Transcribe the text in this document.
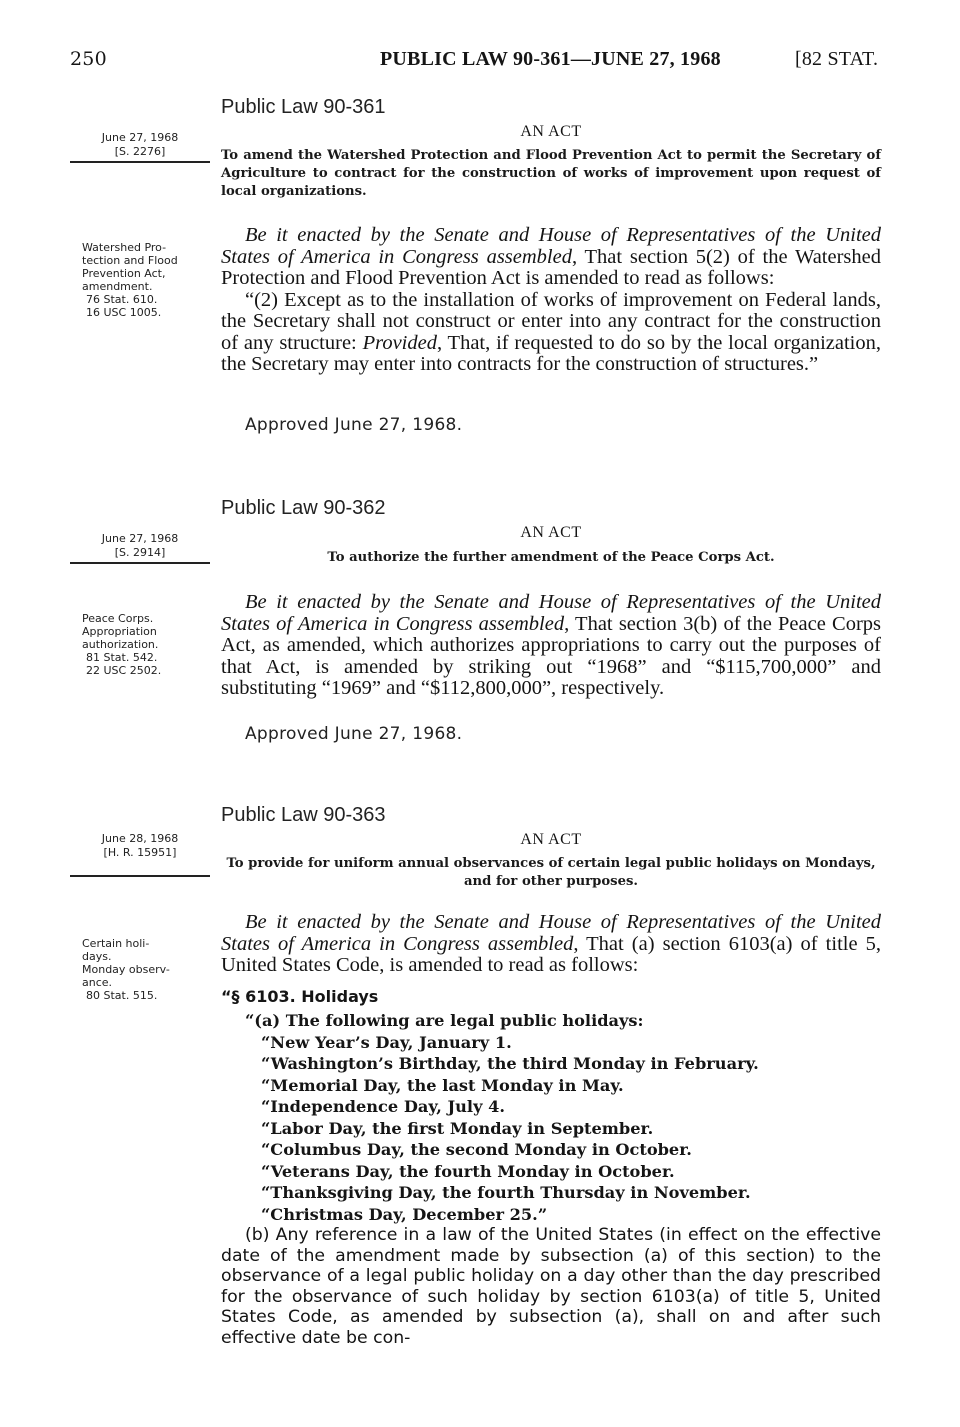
250	PUBLIC LAW 90-361—JUNE 27, 1968	[82 STAT.
Public Law 90-361
AN ACT
June 27, 1968
[S. 2276]	To amend the Watershed Protection and Flood Prevention Act to permit the Secretary of Agriculture to contract for the construction of works of improvement upon request of local organizations.
Watershed Pro-
tection and Flood
Prevention Act,
amendment.
76 Stat. 610.
16 USC 1005.

Be it enacted by the Senate and House of Representatives of the United States of America in Congress assembled, That section 5(2) of the Watershed Protection and Flood Prevention Act is amended to read as follows:

“(2) Except as to the installation of works of improvement on Federal lands, the Secretary shall not construct or enter into any contract for the construction of any structure: Provided, That, if requested to do so by the local organization, the Secretary may enter into contracts for the construction of structures.”

Approved June 27, 1968.
Public Law 90-362
AN ACT
June 27, 1968
[S. 2914]	To authorize the further amendment of the Peace Corps Act.
Peace Corps.
Appropriation
authorization.
81 Stat. 542.
22 USC 2502.

Be it enacted by the Senate and House of Representatives of the United States of America in Congress assembled, That section 3(b) of the Peace Corps Act, as amended, which authorizes appropriations to carry out the purposes of that Act, is amended by striking out “1968” and “$115,700,000” and substituting “1969” and “$112,800,000”, respectively.

Approved June 27, 1968.
Public Law 90-363
AN ACT
June 28, 1968
[H. R. 15951]
To provide for uniform annual observances of certain legal public holidays on Mondays, and for other purposes.
Certain holi-
days.
Monday observ-
ance.
80 Stat. 515.

Be it enacted by the Senate and House of Representatives of the United States of America in Congress assembled, That (a) section 6103(a) of title 5, United States Code, is amended to read as follows:

“§ 6103. Holidays
“(a) The following are legal public holidays:
“New Year’s Day, January 1.
“Washington’s Birthday, the third Monday in February.
“Memorial Day, the last Monday in May.
“Independence Day, July 4.
“Labor Day, the first Monday in September.
“Columbus Day, the second Monday in October.
“Veterans Day, the fourth Monday in October.
“Thanksgiving Day, the fourth Thursday in November.
“Christmas Day, December 25.”

(b) Any reference in a law of the United States (in effect on the effective date of the amendment made by subsection (a) of this section) to the observance of a legal public holiday on a day other than the day prescribed for the observance of such holiday by section 6103(a) of title 5, United States Code, as amended by subsection (a), shall on and after such effective date be con-
